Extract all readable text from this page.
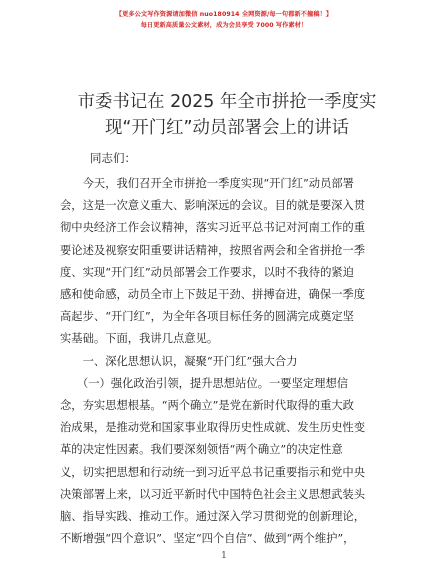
【更多公文写作资源请加微信 nuo180914 全网资源/每一句都新不撞稿！】
每日更新高质量公文素材，成为会员享受 7000 写作素材！
市委书记在 2025 年全市拼抢一季度实现“开门红”动员部署会上的讲话
同志们：
　　今天，我们召开全市拼抢一季度实现“开门红”动员部署
会，这是一次意义重大、影响深远的会议。目的就是要深入贯
彻中央经济工作会议精神，落实习近平总书记对河南工作的重
要论述及视察安阳重要讲话精神，按照省两会和全省拼抢一季
度、实现“开门红”动员部署会工作要求，以时不我待的紧迫
感和使命感，动员全市上下鼓足干劲、拼搏奋进，确保一季度
高起步、“开门红”，为全年各项目标任务的圆满完成奠定坚
实基础。下面，我讲几点意见。
　　一、深化思想认识，凝聚“开门红”强大合力
　　（一）强化政治引领，提升思想站位。一要坚定理想信
念，夯实思想根基。“两个确立”是党在新时代取得的重大政
治成果，是推动党和国家事业取得历史性成就、发生历史性变
革的决定性因素。我们要深刻领悟“两个确立”的决定性意
义，切实把思想和行动统一到习近平总书记重要指示和党中央
决策部署上来，以习近平新时代中国特色社会主义思想武装头
脑、指导实践、推动工作。通过深入学习贯彻党的创新理论，
不断增强“四个意识”、坚定“四个自信”、做到“两个维护”，
1
